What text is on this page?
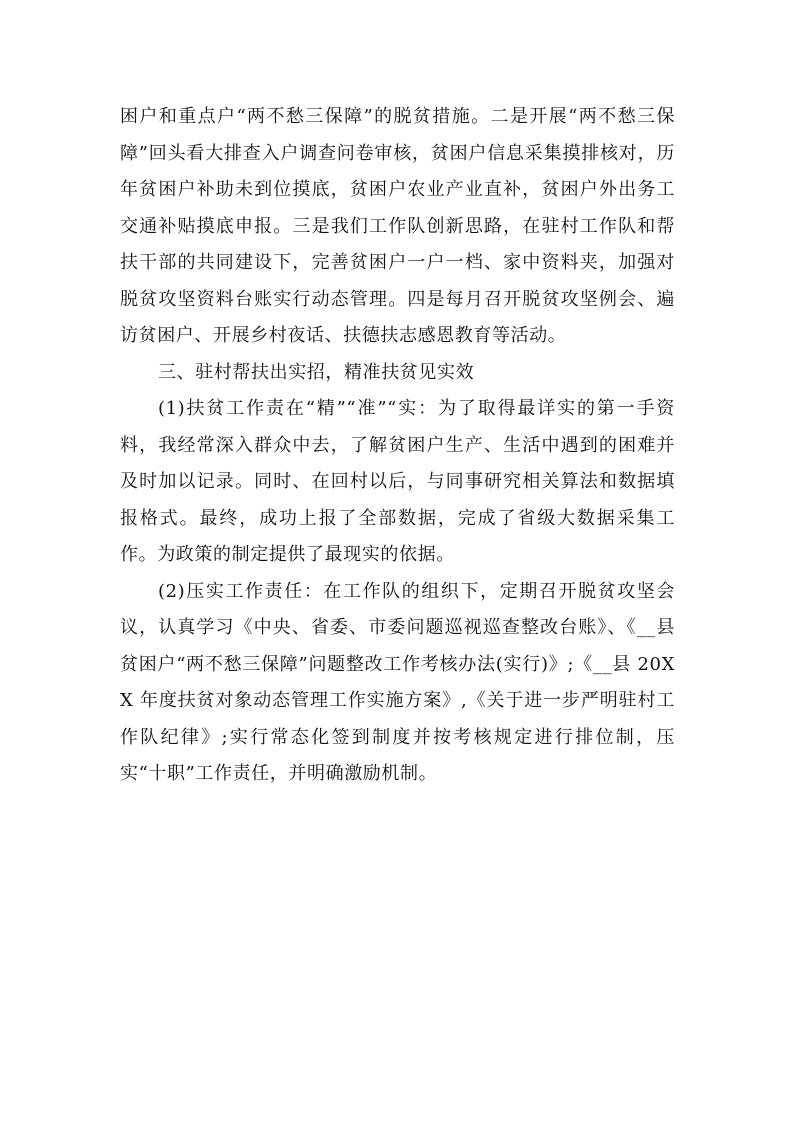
困户和重点户“两不愁三保障”的脱贫措施。二是开展“两不愁三保障”回头看大排查入户调查问卷审核，贫困户信息采集摸排核对，历年贫困户补助未到位摸底，贫困户农业产业直补，贫困户外出务工交通补贴摸底申报。三是我们工作队创新思路，在驻村工作队和帮扶干部的共同建设下，完善贫困户一户一档、家中资料夹，加强对脱贫攻坚资料台账实行动态管理。四是每月召开脱贫攻坚例会、遍访贫困户、开展乡村夜话、扶德扶志感恩教育等活动。

三、驻村帮扶出实招，精准扶贫见实效

(1)扶贫工作责在“精”“准”“实：为了取得最详实的第一手资料，我经常深入群众中去，了解贫困户生产、生活中遇到的困难并及时加以记录。同时、在回村以后，与同事研究相关算法和数据填报格式。最终，成功上报了全部数据，完成了省级大数据采集工作。为政策的制定提供了最现实的依据。

(2)压实工作责任：在工作队的组织下，定期召开脱贫攻坚会议，认真学习《中央、省委、市委问题巡视巡查整改台账》、《__县贫困户“两不愁三保障”问题整改工作考核办法(实行)》;《__县 20XX 年度扶贫对象动态管理工作实施方案》,《关于进一步严明驻村工作队纪律》;实行常态化签到制度并按考核规定进行排位制，压实“十职”工作责任，并明确激励机制。
